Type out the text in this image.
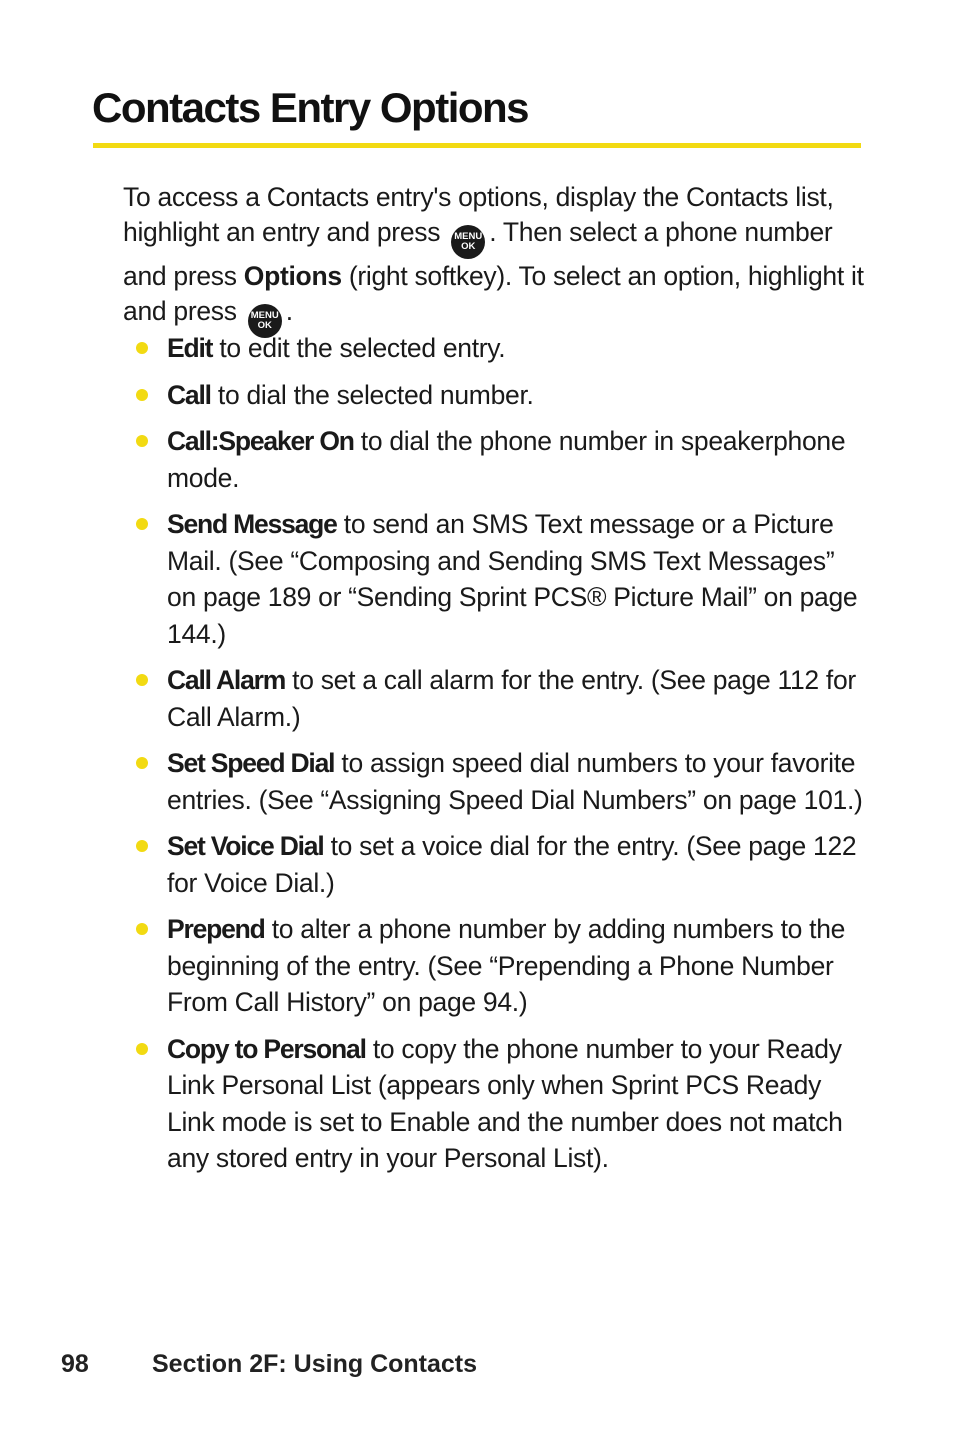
Contacts Entry Options

To access a Contacts entry's options, display the Contacts list, highlight an entry and press	MENU
OK . Then select a phone number and press Options (right softkey). To select an option, highlight it and press	MENU
OK .

Edit to edit the selected entry.
Call to dial the selected number.
Call:Speaker On to dial the phone number in speakerphone mode.
Send Message to send an SMS Text message or a Picture Mail. (See “Composing and Sending SMS Text Messages” on page 189 or “Sending Sprint PCS® Picture Mail” on page 144.)
Call Alarm to set a call alarm for the entry. (See page 112 for Call Alarm.)
Set Speed Dial to assign speed dial numbers to your favorite entries. (See “Assigning Speed Dial Numbers” on page 101.)
Set Voice Dial to set a voice dial for the entry. (See page 122 for Voice Dial.)
Prepend to alter a phone number by adding numbers to the beginning of the entry. (See “Prepending a Phone Number From Call History” on page 94.)
Copy to Personal to copy the phone number to your Ready Link Personal List (appears only when Sprint PCS Ready Link mode is set to Enable and the number does not match any stored entry in your Personal List).
98	Section 2F: Using Contacts
